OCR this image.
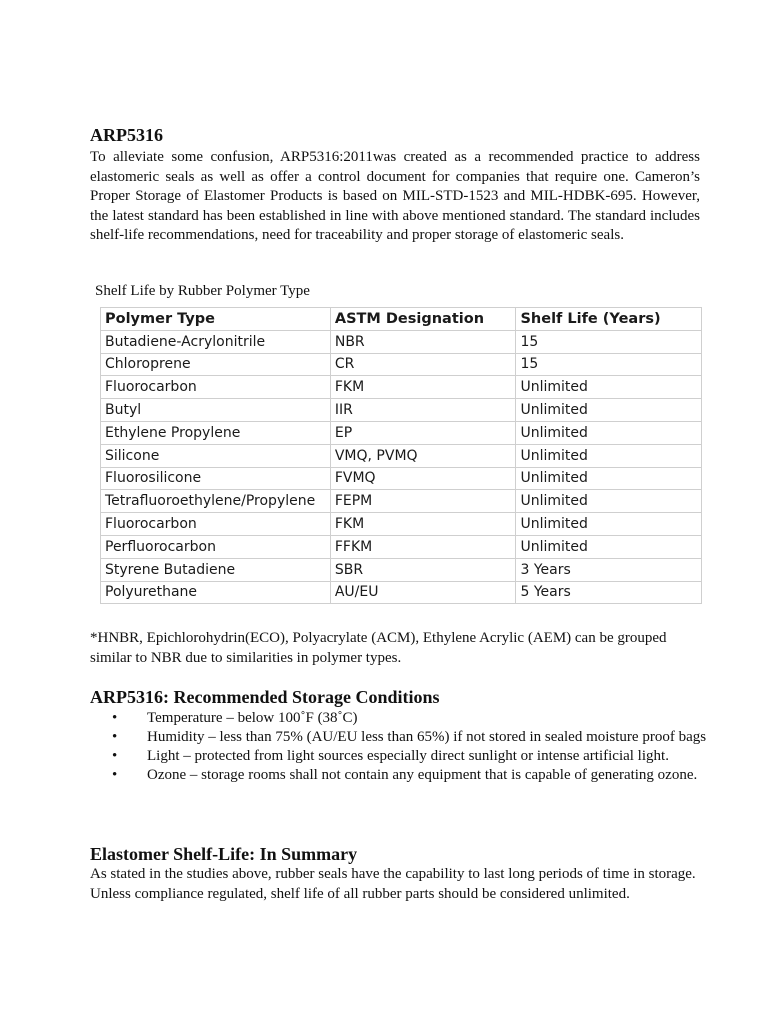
ARP5316

To alleviate some confusion, ARP5316:2011was created as a recommended practice to address elastomeric seals as well as offer a control document for companies that require one. Cameron’s Proper Storage of Elastomer Products is based on MIL-STD-1523 and MIL-HDBK-695. However, the latest standard has been established in line with above mentioned standard. The standard includes shelf-life recommendations, need for traceability and proper storage of elastomeric seals.

Shelf Life by Rubber Polymer Type

Polymer Type	ASTM Designation	Shelf Life (Years)
Butadiene-Acrylonitrile	NBR	15
Chloroprene	CR	15
Fluorocarbon	FKM	Unlimited
Butyl	IIR	Unlimited
Ethylene Propylene	EP	Unlimited
Silicone	VMQ, PVMQ	Unlimited
Fluorosilicone	FVMQ	Unlimited
Tetrafluoroethylene/Propylene	FEPM	Unlimited
Fluorocarbon	FKM	Unlimited
Perfluorocarbon	FFKM	Unlimited
Styrene Butadiene	SBR	3 Years
Polyurethane	AU/EU	5 Years

*HNBR, Epichlorohydrin(ECO), Polyacrylate (ACM), Ethylene Acrylic (AEM) can be grouped similar to NBR due to similarities in polymer types.

ARP5316: Recommended Storage Conditions
• Temperature – below 100˚F (38˚C)
• Humidity – less than 75% (AU/EU less than 65%) if not stored in sealed moisture proof bags
• Light – protected from light sources especially direct sunlight or intense artificial light.
• Ozone – storage rooms shall not contain any equipment that is capable of generating ozone.
Elastomer Shelf-Life: In Summary

As stated in the studies above, rubber seals have the capability to last long periods of time in storage. Unless compliance regulated, shelf life of all rubber parts should be considered unlimited.
